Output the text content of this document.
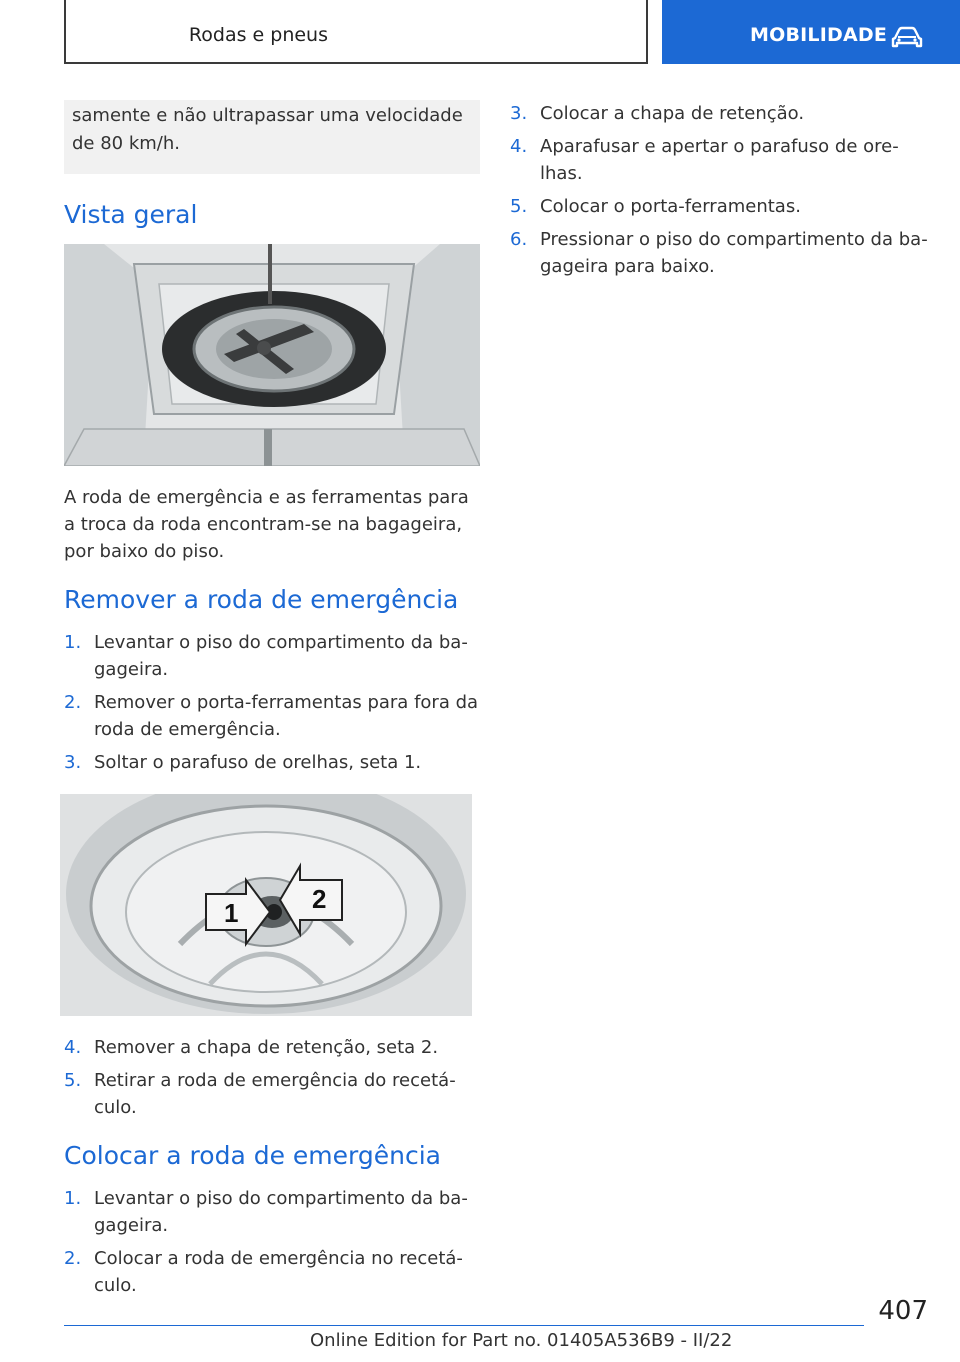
Rodas e pneus	MOBILIDADE
samente e não ultrapassar uma velocidade de 80 km/h.
Vista geral

A roda de emergência e as ferramentas para a troca da roda encontram-se na bagageira, por baixo do piso.

Remover a roda de emergência
1. Levantar o piso do compartimento da bagageira.
2. Remover o porta-ferramentas para fora da roda de emergência.
3. Soltar o parafuso de orelhas, seta 1.
1	2
4. Remover a chapa de retenção, seta 2.
5. Retirar a roda de emergência do recetáculo.
Colocar a roda de emergência
1. Levantar o piso do compartimento da bagageira.
2. Colocar a roda de emergência no recetáculo.
3. Colocar a chapa de retenção.
4. Aparafusar e apertar o parafuso de orelhas.
5. Colocar o porta-ferramentas.
6. Pressionar o piso do compartimento da bagageira para baixo.
407
Online Edition for Part no. 01405A536B9 - II/22
